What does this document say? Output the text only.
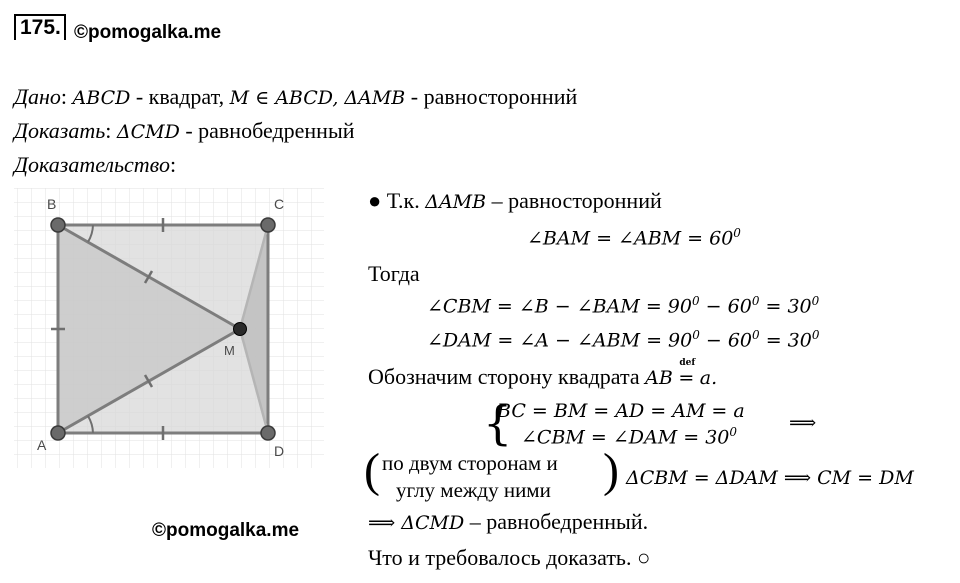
175. ©pomogalka.me
Дано: ABCD - квадрат, M ∈ ABCD, ΔAMB - равносторонний
Доказать: ΔCMD - равнобедренный
Доказательство:
B	C
A	D
M
©pomogalka.me
● Т.к. ΔAMB – равносторонний
∠BAM = ∠ABM = $60^0$
Тогда
∠CBM = ∠B − ∠BAM = $90^0 - 60^0 = 30^0$
∠DAM = ∠A − ∠ABM = $90^0 - 60^0 = 30^0$
Обозначим сторону квадрата AB =
def
a.
{
BC = BM = AD = AM = a
∠CBM = ∠DAM = $30^0$	⟹
( по двум сторонам и
углу между ними ) ΔCBM = ΔDAM ⟹ CM = DM
⟹ ΔCMD – равнобедренный.
Что и требовалось доказать. ○
